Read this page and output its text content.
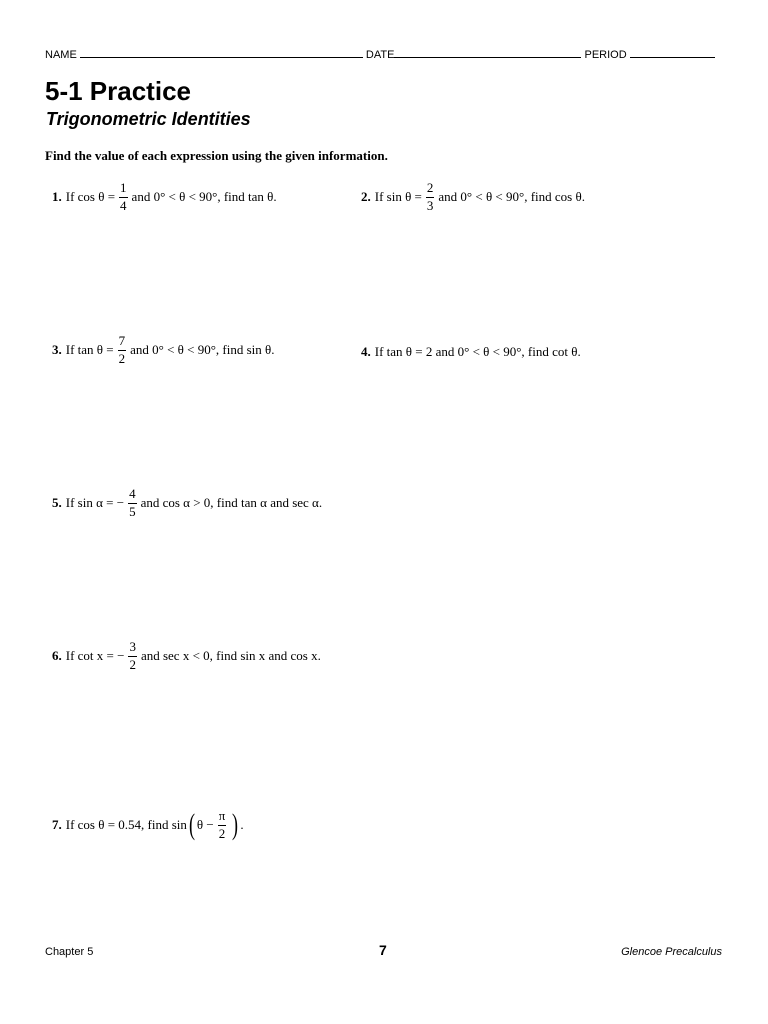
NAME	DATE	PERIOD
5-1 Practice
Trigonometric Identities

Find the value of each expression using the given information.

1. If $\cos \theta = \frac{1}{4}$ and 0° < θ < 90°, find tan θ.	2. If $\sin \theta = \frac{2}{3}$ and 0° < θ < 90°, find cos θ.
3. If $\tan \theta = \frac{7}{2}$ and 0° < θ < 90°, find sin θ.	4. If tan θ = 2 and 0° < θ < 90°, find cot θ.
5. If sin α = − $\frac{4}{5}$ and cos α > 0, find tan α and sec α.
6. If cot x = − $\frac{3}{2}$ and sec x < 0, find sin x and cos x.
7. If cos θ = 0.54, find sin ( $\theta - \frac{\pi}{2}$ ) .
Chapter 5	7	Glencoe Precalculus
